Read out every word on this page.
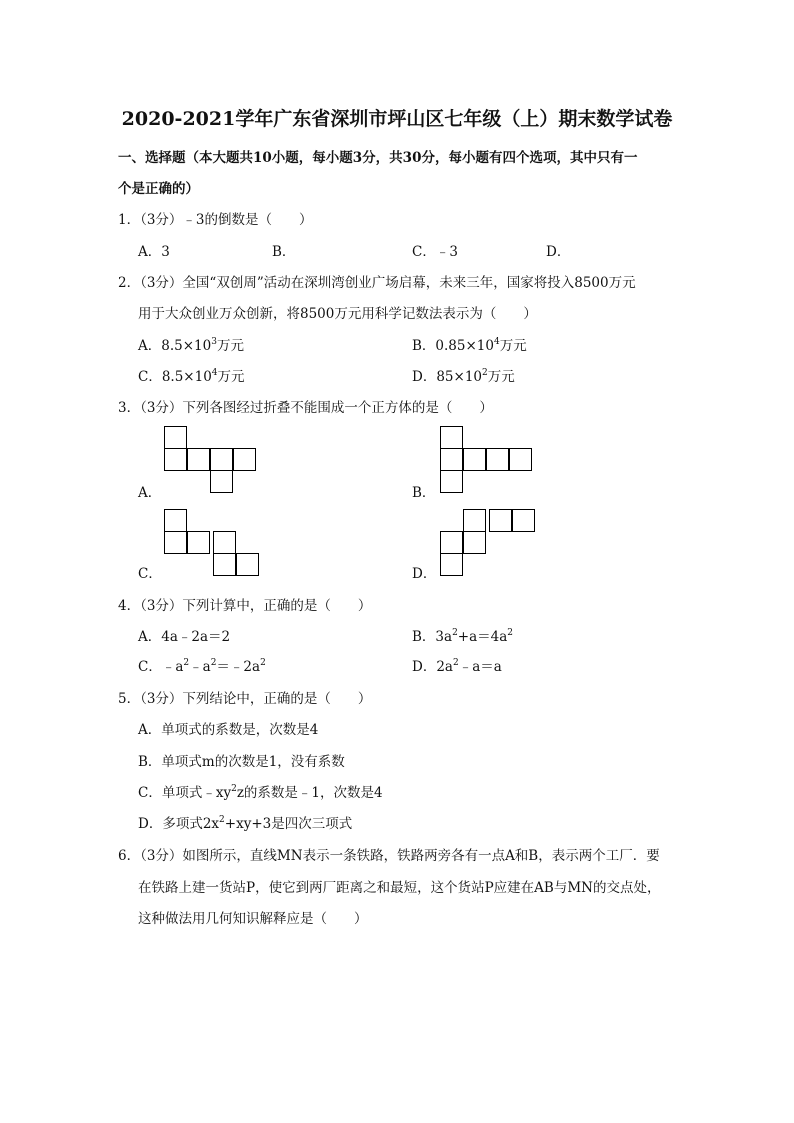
2020-2021学年广东省深圳市坪山区七年级（上）期末数学试卷
一、选择题（本大题共10小题，每小题3分，共30分，每小题有四个选项，其中只有一
个是正确的）
1．（3分）﹣3的倒数是（　　）
A．3	B．	C．﹣3	D．
2．（3分）全国“双创周”活动在深圳湾创业广场启幕，未来三年，国家将投入8500万元
用于大众创业万众创新，将8500万元用科学记数法表示为（　　）
A．$8.5\times 10^3$万元	B．$0.85\times 10^4$万元
C．$8.5\times 10^4$万元	D．$85\times 10^2$万元
3．（3分）下列各图经过折叠不能围成一个正方体的是（　　）
A．	B．
C．	D．
4．（3分）下列计算中，正确的是（　　）
A．4a﹣2a＝2	B．$3a^2+a=4a^2$
C．$﹣a^2﹣a^2=﹣2a^2$	D．$2a^2﹣a=a$
5．（3分）下列结论中，正确的是（　　）
A．单项式的系数是，次数是4
B．单项式m的次数是1，没有系数
C．单项式$﹣xy^2z$的系数是﹣1，次数是4
D．多项式$2x^2+xy+3$是四次三项式
6．（3分）如图所示，直线MN表示一条铁路，铁路两旁各有一点A和B，表示两个工厂．要
在铁路上建一货站P，使它到两厂距离之和最短，这个货站P应建在AB与MN的交点处，
这种做法用几何知识解释应是（　　）
